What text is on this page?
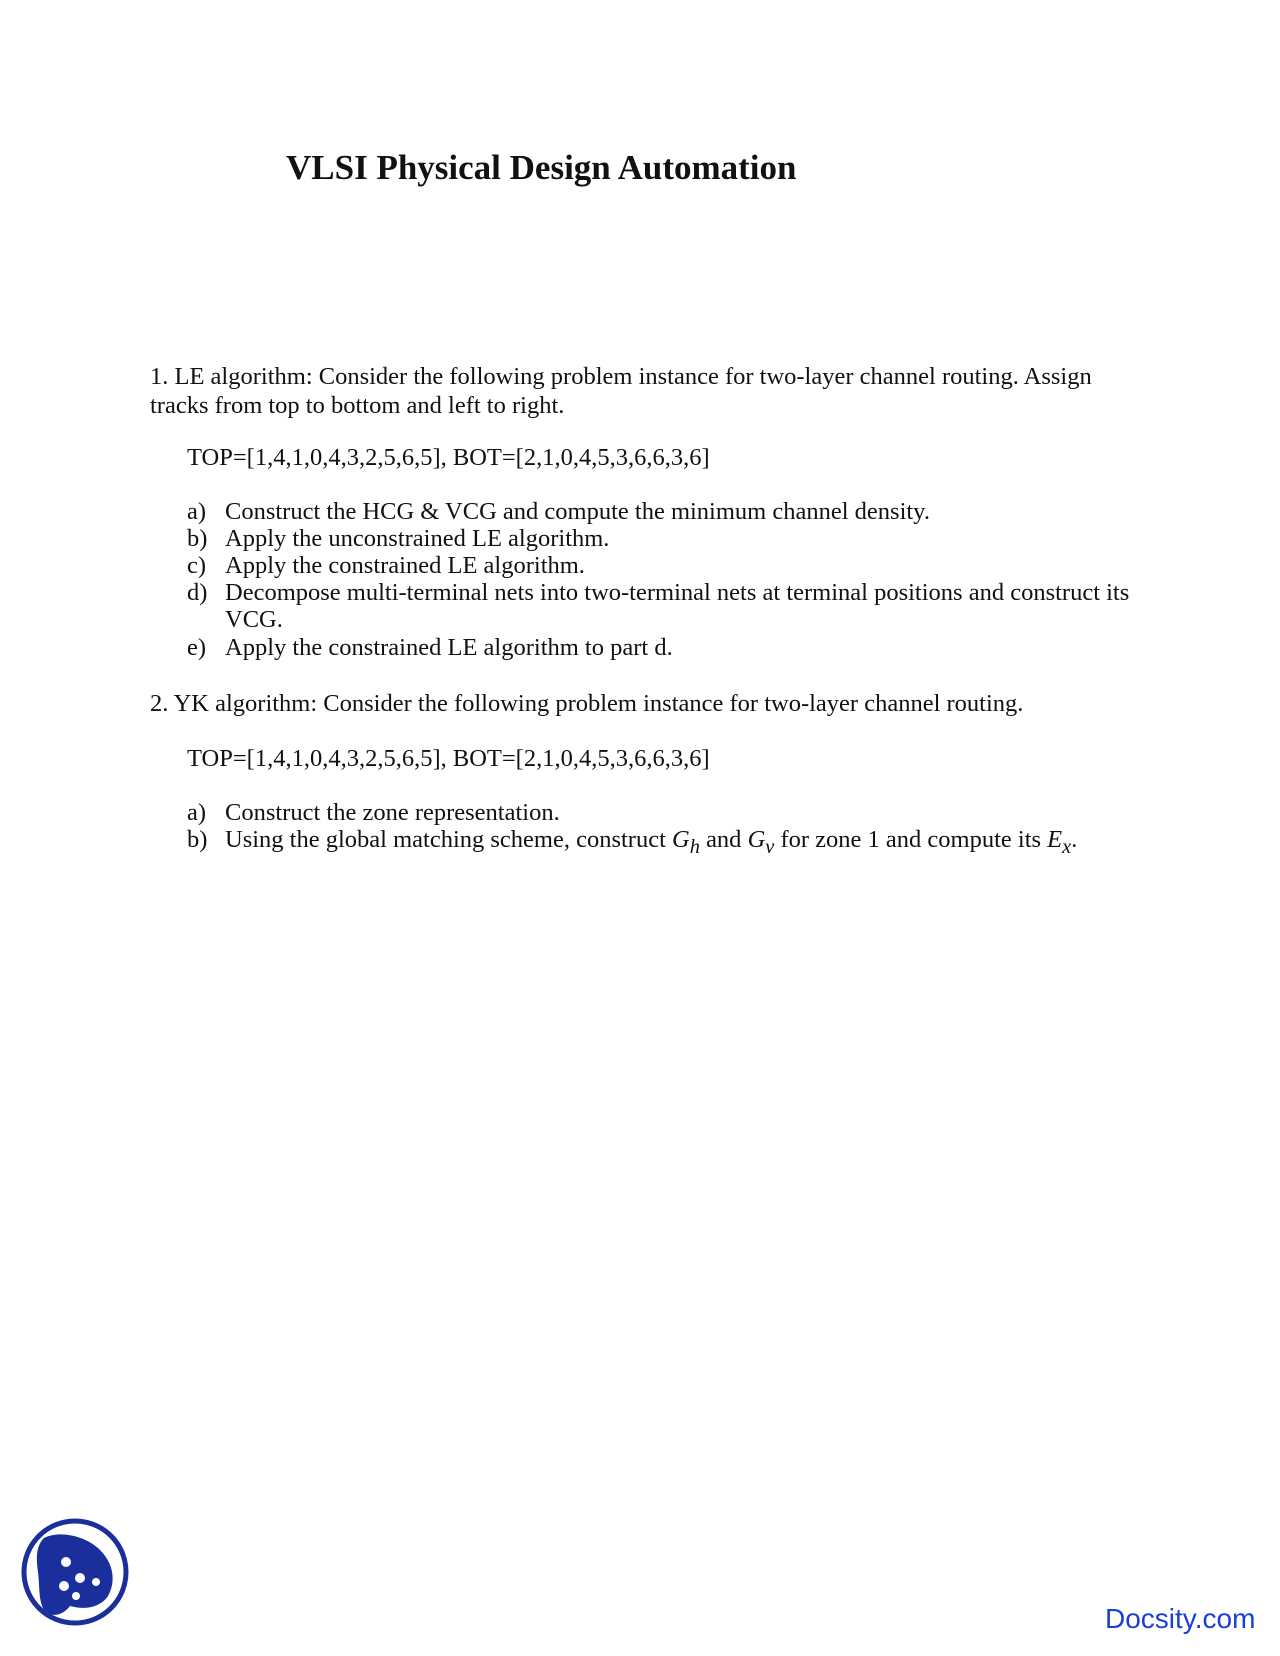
VLSI Physical Design Automation

1. LE algorithm: Consider the following problem instance for two-layer channel routing. Assign tracks from top to bottom and left to right.

TOP=[1,4,1,0,4,3,2,5,6,5], BOT=[2,1,0,4,5,3,6,6,3,6]
a) Construct the HCG & VCG and compute the minimum channel density.
b) Apply the unconstrained LE algorithm.
c) Apply the constrained LE algorithm.
d) Decompose multi-terminal nets into two-terminal nets at terminal positions and construct its VCG.
e) Apply the constrained LE algorithm to part d.

2. YK algorithm: Consider the following problem instance for two-layer channel routing.

TOP=[1,4,1,0,4,3,2,5,6,5], BOT=[2,1,0,4,5,3,6,6,3,6]
a) Construct the zone representation.
b) Using the global matching scheme, construct $G_h$ and $G_v$ for zone 1 and compute its $E_x$.
Docsity.com
